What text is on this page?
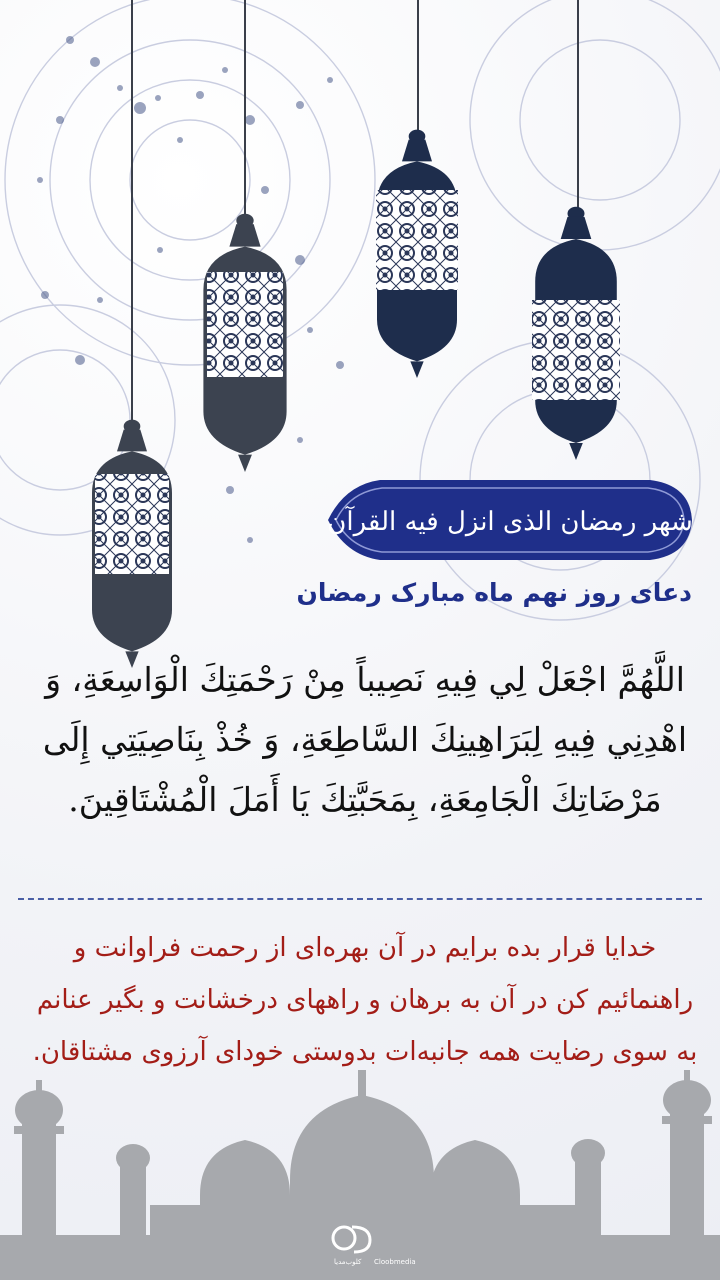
شهر رمضان الذی انزل فیه القرآن
دعای روز نهم ماه مبارک رمضان
اللَّهُمَّ اجْعَلْ لِي فِيهِ نَصِيباً مِنْ رَحْمَتِكَ الْوَاسِعَةِ، وَ اهْدِنِي فِيهِ لِبَرَاهِينِكَ السَّاطِعَةِ، وَ خُذْ بِنَاصِيَتِي إِلَى مَرْضَاتِكَ الْجَامِعَةِ، بِمَحَبَّتِكَ يَا أَمَلَ الْمُشْتَاقِينَ.
خدایا قرار بده برایم در آن بهره‌ای از رحمت فراوانت و راهنمائیم کن در آن به برهان و راههای درخشانت و بگیر عنانم به سوی رضایت همه جانبه‌ات بدوستی خودای آرزوی مشتاقان.
کلوب‌مدیا Cloobmedia
